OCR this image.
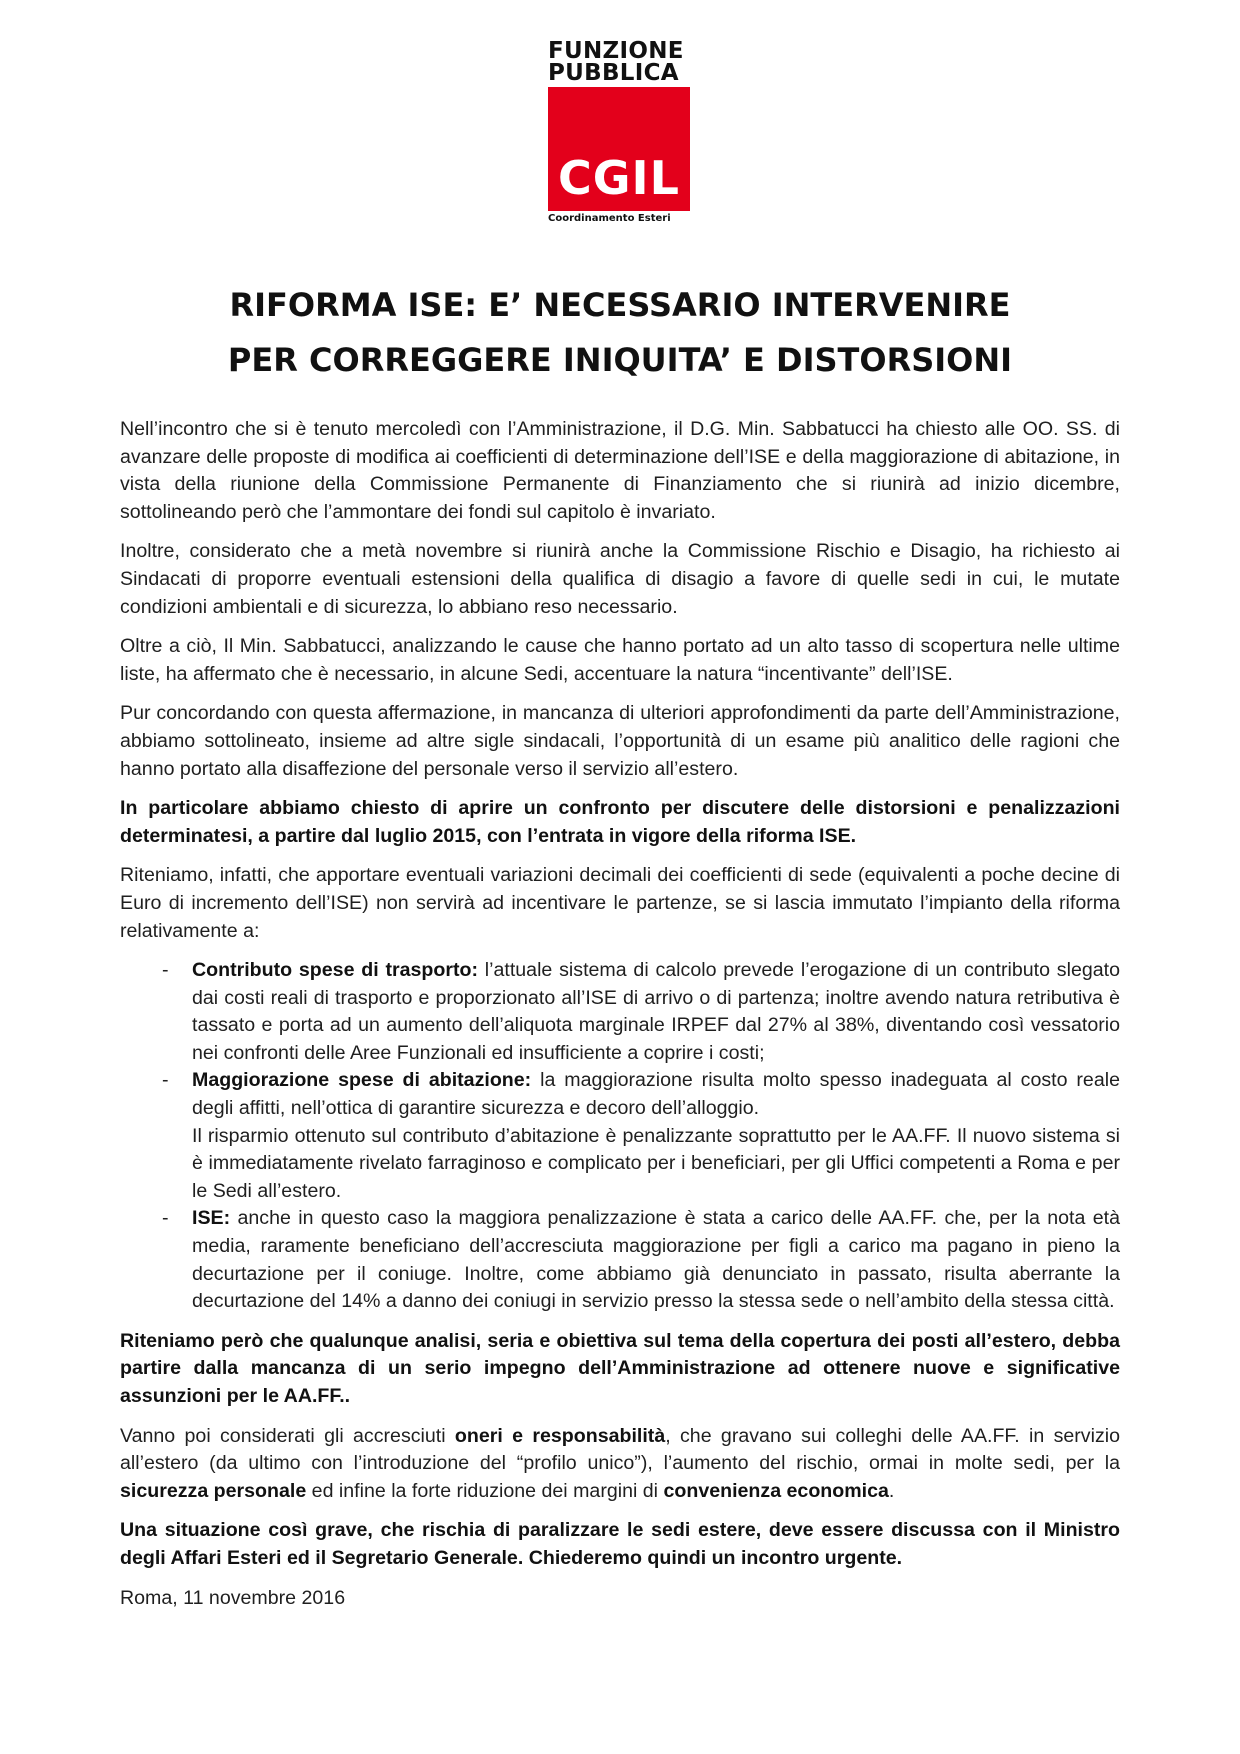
FUNZIONE
PUBBLICA
CGIL
Coordinamento Esteri
RIFORMA ISE: E’ NECESSARIO INTERVENIRE
PER CORREGGERE INIQUITA’ E DISTORSIONI

Nell’incontro che si è tenuto mercoledì con l’Amministrazione, il D.G. Min. Sabbatucci ha chiesto alle OO. SS. di avanzare delle proposte di modifica ai coefficienti di determinazione dell’ISE e della maggiorazione di abitazione, in vista della riunione della Commissione Permanente di Finanziamento che si riunirà ad inizio dicembre, sottolineando però che l’ammontare dei fondi sul capitolo è invariato.

Inoltre, considerato che a metà novembre si riunirà anche la Commissione Rischio e Disagio, ha richiesto ai Sindacati di proporre eventuali estensioni della qualifica di disagio a favore di quelle sedi in cui, le mutate condizioni ambientali e di sicurezza, lo abbiano reso necessario.

Oltre a ciò, Il Min. Sabbatucci, analizzando le cause che hanno portato ad un alto tasso di scopertura nelle ultime liste, ha affermato che è necessario, in alcune Sedi, accentuare la natura “incentivante” dell’ISE.

Pur concordando con questa affermazione, in mancanza di ulteriori approfondimenti da parte dell’Amministrazione, abbiamo sottolineato, insieme ad altre sigle sindacali, l’opportunità di un esame più analitico delle ragioni che hanno portato alla disaffezione del personale verso il servizio all’estero.

In particolare abbiamo chiesto di aprire un confronto per discutere delle distorsioni e penalizzazioni determinatesi, a partire dal luglio 2015, con l’entrata in vigore della riforma ISE.

Riteniamo, infatti, che apportare eventuali variazioni decimali dei coefficienti di sede (equivalenti a poche decine di Euro di incremento dell’ISE) non servirà ad incentivare le partenze, se si lascia immutato l’impianto della riforma relativamente a:

- Contributo spese di trasporto: l’attuale sistema di calcolo prevede l’erogazione di un contributo slegato dai costi reali di trasporto e proporzionato all’ISE di arrivo o di partenza; inoltre avendo natura retributiva è tassato e porta ad un aumento dell’aliquota marginale IRPEF dal 27% al 38%, diventando così vessatorio nei confronti delle Aree Funzionali ed insufficiente a coprire i costi;
- Maggiorazione spese di abitazione: la maggiorazione risulta molto spesso inadeguata al costo reale degli affitti, nell’ottica di garantire sicurezza e decoro dell’alloggio.
Il risparmio ottenuto sul contributo d’abitazione è penalizzante soprattutto per le AA.FF. Il nuovo sistema si è immediatamente rivelato farraginoso e complicato per i beneficiari, per gli Uffici competenti a Roma e per le Sedi all’estero.
- ISE: anche in questo caso la maggiora penalizzazione è stata a carico delle AA.FF. che, per la nota età media, raramente beneficiano dell’accresciuta maggiorazione per figli a carico ma pagano in pieno la decurtazione per il coniuge. Inoltre, come abbiamo già denunciato in passato, risulta aberrante la decurtazione del 14% a danno dei coniugi in servizio presso la stessa sede o nell’ambito della stessa città.

Riteniamo però che qualunque analisi, seria e obiettiva sul tema della copertura dei posti all’estero, debba partire dalla mancanza di un serio impegno dell’Amministrazione ad ottenere nuove e significative assunzioni per le AA.FF..

Vanno poi considerati gli accresciuti oneri e responsabilità, che gravano sui colleghi delle AA.FF. in servizio all’estero (da ultimo con l’introduzione del “profilo unico”), l’aumento del rischio, ormai in molte sedi, per la sicurezza personale ed infine la forte riduzione dei margini di convenienza economica.

Una situazione così grave, che rischia di paralizzare le sedi estere, deve essere discussa con il Ministro degli Affari Esteri ed il Segretario Generale. Chiederemo quindi un incontro urgente.

Roma, 11 novembre 2016
